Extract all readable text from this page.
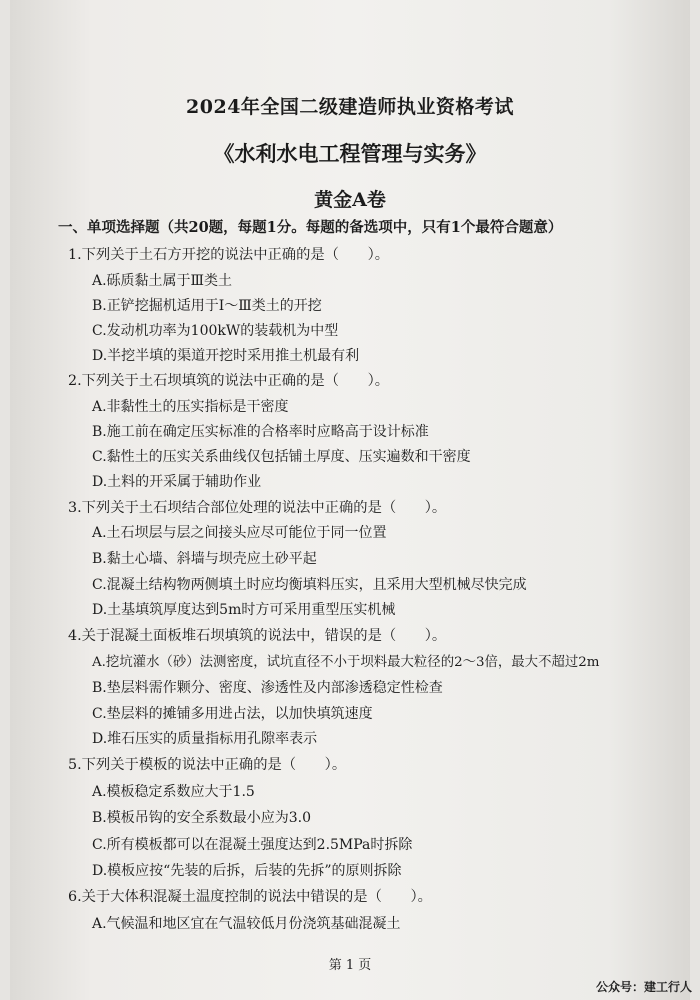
2024年全国二级建造师执业资格考试
《水利水电工程管理与实务》
黄金A卷
一、单项选择题（共20题，每题1分。每题的备选项中，只有1个最符合题意）
1.下列关于土石方开挖的说法中正确的是（　　）。
A.砾质黏土属于Ⅲ类土
B.正铲挖掘机适用于Ⅰ～Ⅲ类土的开挖
C.发动机功率为100kW的装载机为中型
D.半挖半填的渠道开挖时采用推土机最有利
2.下列关于土石坝填筑的说法中正确的是（　　）。
A.非黏性土的压实指标是干密度
B.施工前在确定压实标准的合格率时应略高于设计标准
C.黏性土的压实关系曲线仅包括铺土厚度、压实遍数和干密度
D.土料的开采属于辅助作业
3.下列关于土石坝结合部位处理的说法中正确的是（　　）。
A.土石坝层与层之间接头应尽可能位于同一位置
B.黏土心墙、斜墙与坝壳应土砂平起
C.混凝土结构物两侧填土时应均衡填料压实，且采用大型机械尽快完成
D.土基填筑厚度达到5m时方可采用重型压实机械
4.关于混凝土面板堆石坝填筑的说法中，错误的是（　　）。
A.挖坑灌水（砂）法测密度，试坑直径不小于坝料最大粒径的2～3倍，最大不超过2m
B.垫层料需作颗分、密度、渗透性及内部渗透稳定性检查
C.垫层料的摊铺多用进占法，以加快填筑速度
D.堆石压实的质量指标用孔隙率表示
5.下列关于模板的说法中正确的是（　　）。
A.模板稳定系数应大于1.5
B.模板吊钩的安全系数最小应为3.0
C.所有模板都可以在混凝土强度达到2.5MPa时拆除
D.模板应按“先装的后拆，后装的先拆”的原则拆除
6.关于大体积混凝土温度控制的说法中错误的是（　　）。
A.气候温和地区宜在气温较低月份浇筑基础混凝土
第 1 页
公众号：建工行人
